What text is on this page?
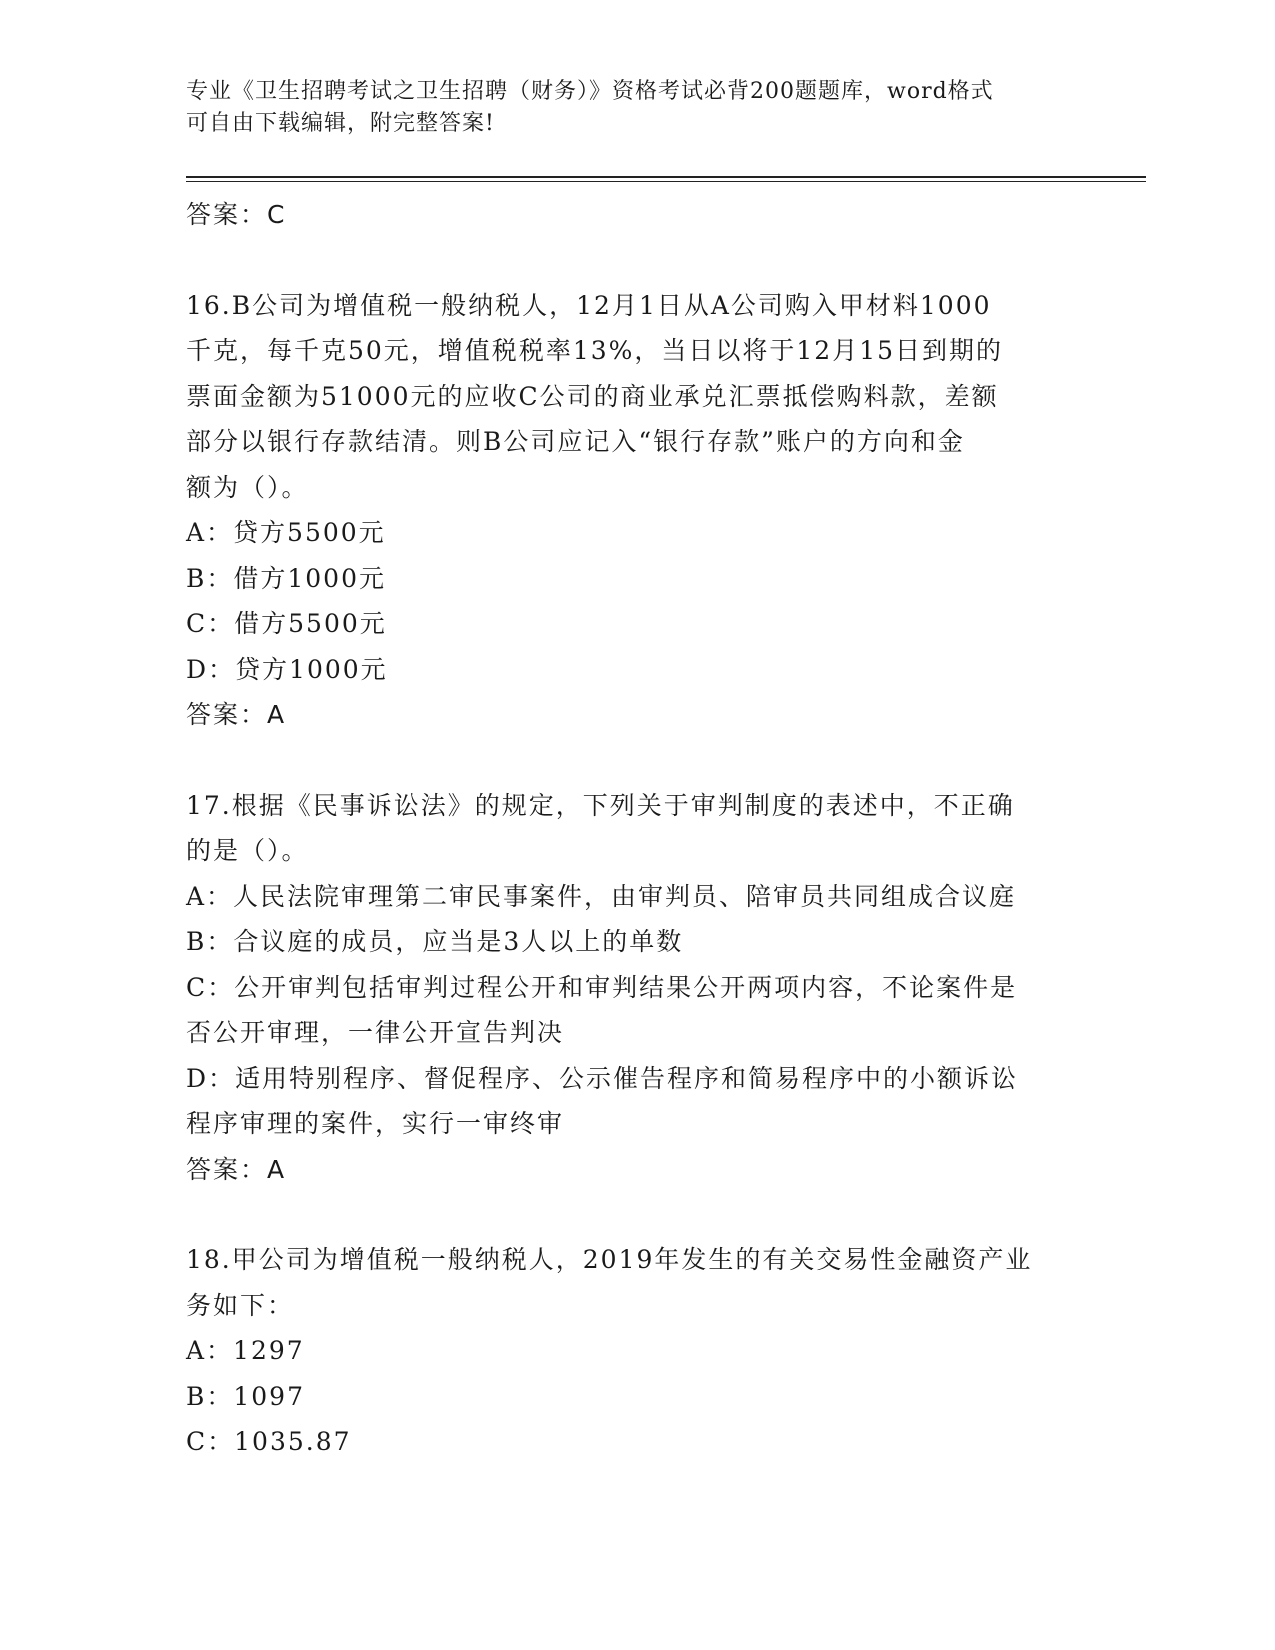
专业《卫生招聘考试之卫生招聘（财务）》资格考试必背200题题库，word格式
可自由下载编辑，附完整答案!
答案：C
16.B公司为增值税一般纳税人，12月1日从A公司购入甲材料1000
千克，每千克50元，增值税税率13%，当日以将于12月15日到期的
票面金额为51000元的应收C公司的商业承兑汇票抵偿购料款，差额
部分以银行存款结清。则B公司应记入“银行存款”账户的方向和金
额为（）。
A：贷方5500元
B：借方1000元
C：借方5500元
D：贷方1000元
答案：A
17.根据《民事诉讼法》的规定，下列关于审判制度的表述中，不正确
的是（）。
A：人民法院审理第二审民事案件，由审判员、陪审员共同组成合议庭
B：合议庭的成员，应当是3人以上的单数
C：公开审判包括审判过程公开和审判结果公开两项内容，不论案件是
否公开审理，一律公开宣告判决
D：适用特别程序、督促程序、公示催告程序和简易程序中的小额诉讼
程序审理的案件，实行一审终审
答案：A
18.甲公司为增值税一般纳税人，2019年发生的有关交易性金融资产业
务如下：
A：1297
B：1097
C：1035.87
